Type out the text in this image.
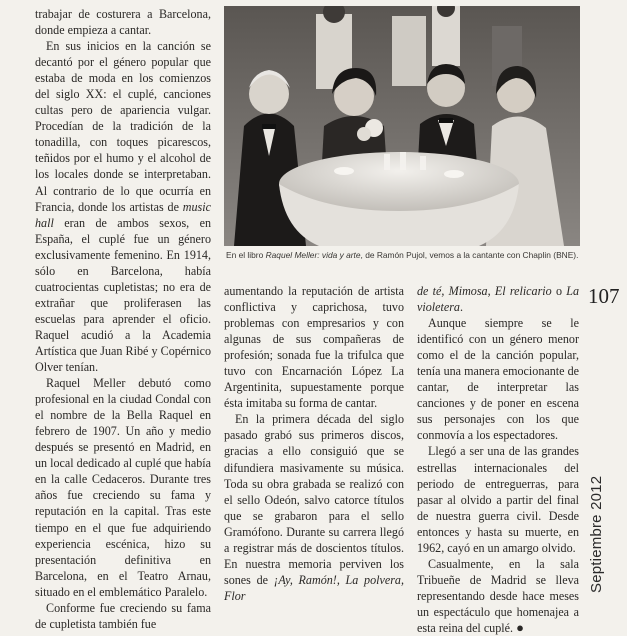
trabajar de costurera a Barcelona, donde empieza a cantar.

En sus inicios en la canción se decantó por el género popular que estaba de moda en los comienzos del siglo XX: el cuplé, canciones cultas pero de apariencia vulgar. Procedían de la tradición de la tonadilla, con toques picarescos, teñidos por el humo y el alcohol de los locales donde se interpretaban. Al contrario de lo que ocurría en Francia, donde los artistas de music hall eran de ambos sexos, en España, el cuplé fue un género exclusivamente femenino. En 1914, sólo en Barcelona, había cuatrocientas cupletistas; no era de extrañar que proliferasen las escuelas para aprender el oficio. Raquel acudió a la Academia Artística que Juan Ribé y Copérnico Olver tenían.

Raquel Meller debutó como profesional en la ciudad Condal con el nombre de la Bella Raquel en febrero de 1907. Un año y medio después se presentó en Madrid, en un local dedicado al cuplé que había en la calle Cedaceros. Durante tres años fue creciendo su fama y reputación en la capital. Tras este tiempo en el que fue adquiriendo experiencia escénica, hizo su presentación definitiva en Barcelona, en el Teatro Arnau, situado en el emblemático Paralelo.

Conforme fue creciendo su fama de cupletista también fue

En el libro Raquel Meller: vida y arte, de Ramón Pujol, vemos a la cantante con Chaplin (BNE).

aumentando la reputación de artista conflictiva y caprichosa, tuvo problemas con empresarios y con algunas de sus compañeras de profesión; sonada fue la trifulca que tuvo con Encarnación López La Argentinita, supuestamente porque ésta imitaba su forma de cantar.

En la primera década del siglo pasado grabó sus primeros discos, gracias a ello consiguió que se difundiera masivamente su música. Toda su obra grabada se realizó con el sello Odeón, salvo catorce títulos que se grabaron para el sello Gramófono. Durante su carrera llegó a registrar más de doscientos títulos. En nuestra memoria perviven los sones de ¡Ay, Ramón!, La polvera, Flor

de té, Mimosa, El relicario o La violetera.

Aunque siempre se le identificó con un género menor como el de la canción popular, tenía una manera emocionante de cantar, de interpretar las canciones y de poner en escena sus personajes con los que conmovía a los espectadores.

Llegó a ser una de las grandes estrellas internacionales del periodo de entreguerras, para pasar al olvido a partir del final de nuestra guerra civil. Desde entonces y hasta su muerte, en 1962, cayó en un amargo olvido.

Casualmente, en la sala Tribueñe de Madrid se lleva representando desde hace meses un espectáculo que homenajea a esta reina del cuplé. ●

107
Septiembre 2012
